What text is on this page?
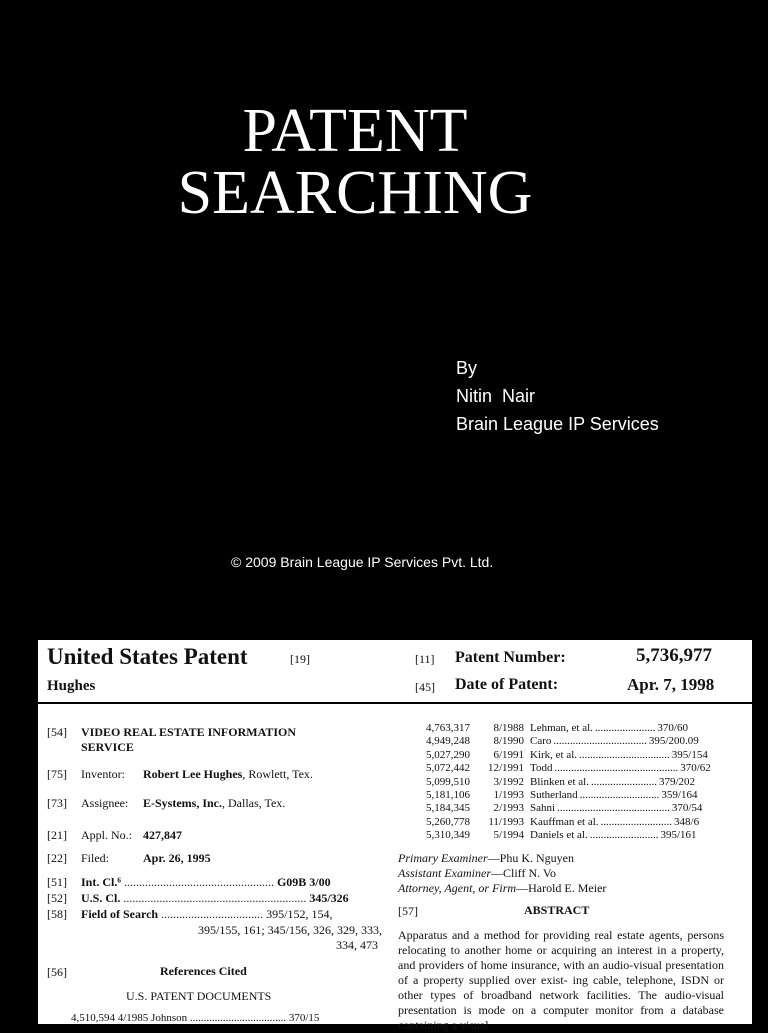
PATENT
SEARCHING
By
Nitin  Nair
Brain League IP Services
© 2009 Brain League IP Services Pvt. Ltd.
United States Patent	[19]
Hughes
[11] Patent Number:	5,736,977
[45] Date of Patent:	Apr. 7, 1998
[54] VIDEO REAL ESTATE INFORMATION
SERVICE
[75] Inventor: Robert Lee Hughes, Rowlett, Tex.
[73] Assignee: E-Systems, Inc., Dallas, Tex.
[21] Appl. No.: 427,847
[22] Filed:	Apr. 26, 1995
[51] Int. Cl.⁶ .................................................. G09B 3/00
[52] U.S. Cl. ............................................................. 345/326
[58] Field of Search .................................. 395/152, 154,
395/155, 161; 345/156, 326, 329, 333,
334, 473
[56]	References Cited
U.S. PATENT DOCUMENTS
4,510,594 4/1985 Johnson ................................... 370/15
4,763,317 8/1988 Lehman, et al. ...................... 370/60
4,949,248 8/1990 Caro .................................. 395/200.09
5,027,290 6/1991 Kirk, et al. ................................. 395/154
5,072,442 12/1991 Todd ............................................. 370/62
5,099,510 3/1992 Blinken et al. ........................ 379/202
5,181,106 1/1993 Sutherland ............................. 359/164
5,184,345 2/1993 Sahni ......................................... 370/54
5,260,778 11/1993 Kauffman et al. .......................... 348/6
5,310,349 5/1994 Daniels et al. ......................... 395/161
Primary Examiner—Phu K. Nguyen
Assistant Examiner—Cliff N. Vo
Attorney, Agent, or Firm—Harold E. Meier
[57]	ABSTRACT
Apparatus and a method for providing real estate agents, persons relocating to another home or acquiring an interest in a property, and providers of home insurance, with an audio-visual presentation of a property supplied over exist- ing cable, telephone, ISDN or other types of broadband network facilities. The audio-visual presentation is mode on a computer monitor from a database containing a visual
